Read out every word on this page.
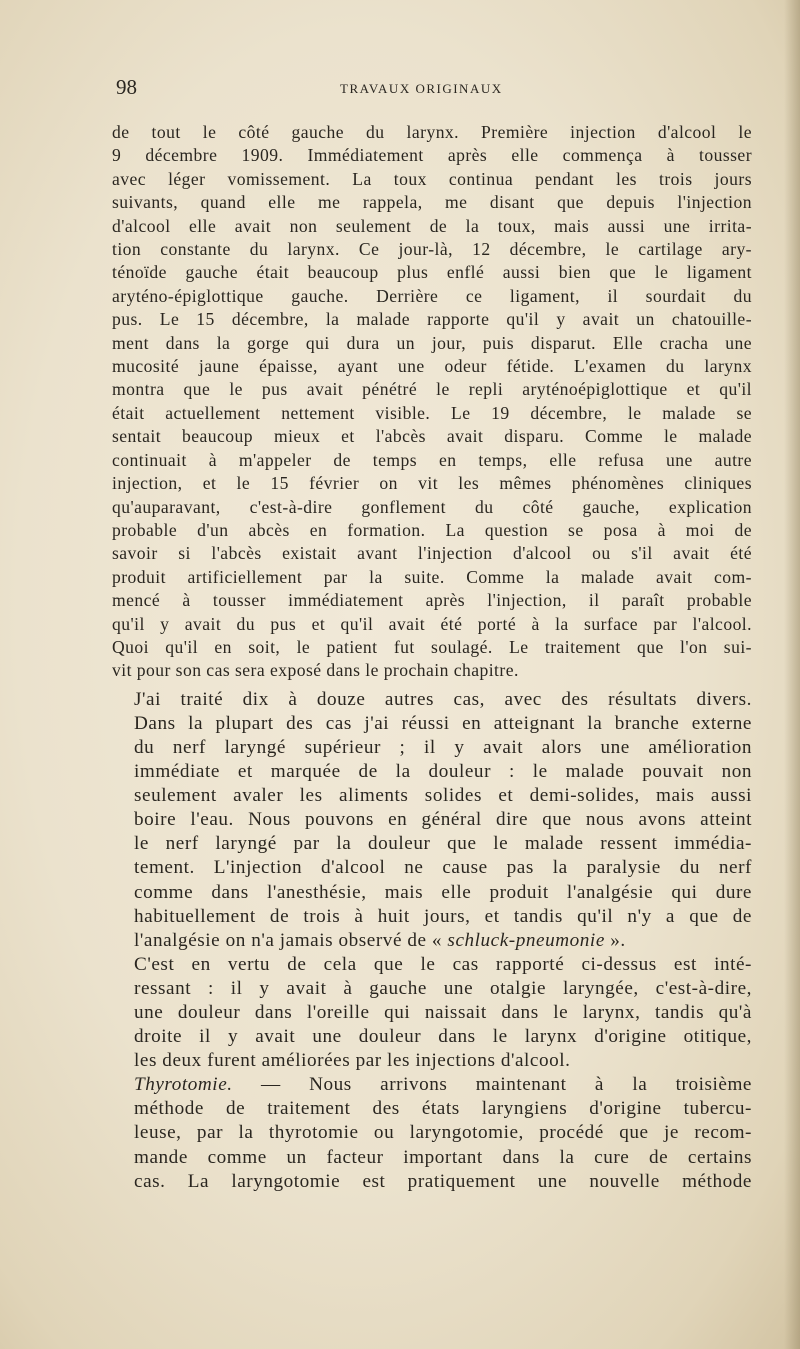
98	TRAVAUX ORIGINAUX

de tout le côté gauche du larynx. Première injection d'alcool le
9 décembre 1909. Immédiatement après elle commença à tousser
avec léger vomissement. La toux continua pendant les trois jours
suivants, quand elle me rappela, me disant que depuis l'injection
d'alcool elle avait non seulement de la toux, mais aussi une irrita-
tion constante du larynx. Ce jour-là, 12 décembre, le cartilage ary-
ténoïde gauche était beaucoup plus enflé aussi bien que le ligament
aryténo-épiglottique gauche. Derrière ce ligament, il sourdait du
pus. Le 15 décembre, la malade rapporte qu'il y avait un chatouille-
ment dans la gorge qui dura un jour, puis disparut. Elle cracha une
mucosité jaune épaisse, ayant une odeur fétide. L'examen du larynx
montra que le pus avait pénétré le repli aryténoépiglottique et qu'il
était actuellement nettement visible. Le 19 décembre, le malade se
sentait beaucoup mieux et l'abcès avait disparu. Comme le malade
continuait à m'appeler de temps en temps, elle refusa une autre
injection, et le 15 février on vit les mêmes phénomènes cliniques
qu'auparavant, c'est-à-dire gonflement du côté gauche, explication
probable d'un abcès en formation. La question se posa à moi de
savoir si l'abcès existait avant l'injection d'alcool ou s'il avait été
produit artificiellement par la suite. Comme la malade avait com-
mencé à tousser immédiatement après l'injection, il paraît probable
qu'il y avait du pus et qu'il avait été porté à la surface par l'alcool.
Quoi qu'il en soit, le patient fut soulagé. Le traitement que l'on sui-
vit pour son cas sera exposé dans le prochain chapitre.

J'ai traité dix à douze autres cas, avec des résultats divers.
Dans la plupart des cas j'ai réussi en atteignant la branche externe
du nerf laryngé supérieur ; il y avait alors une amélioration
immédiate et marquée de la douleur : le malade pouvait non
seulement avaler les aliments solides et demi-solides, mais aussi
boire l'eau. Nous pouvons en général dire que nous avons atteint
le nerf laryngé par la douleur que le malade ressent immédia-
tement. L'injection d'alcool ne cause pas la paralysie du nerf
comme dans l'anesthésie, mais elle produit l'analgésie qui dure
habituellement de trois à huit jours, et tandis qu'il n'y a que de
l'analgésie on n'a jamais observé de « schluck-pneumonie ».

C'est en vertu de cela que le cas rapporté ci-dessus est inté-
ressant : il y avait à gauche une otalgie laryngée, c'est-à-dire,
une douleur dans l'oreille qui naissait dans le larynx, tandis qu'à
droite il y avait une douleur dans le larynx d'origine otitique,
les deux furent améliorées par les injections d'alcool.

Thyrotomie. — Nous arrivons maintenant à la troisième
méthode de traitement des états laryngiens d'origine tubercu-
leuse, par la thyrotomie ou laryngotomie, procédé que je recom-
mande comme un facteur important dans la cure de certains
cas. La laryngotomie est pratiquement une nouvelle méthode
